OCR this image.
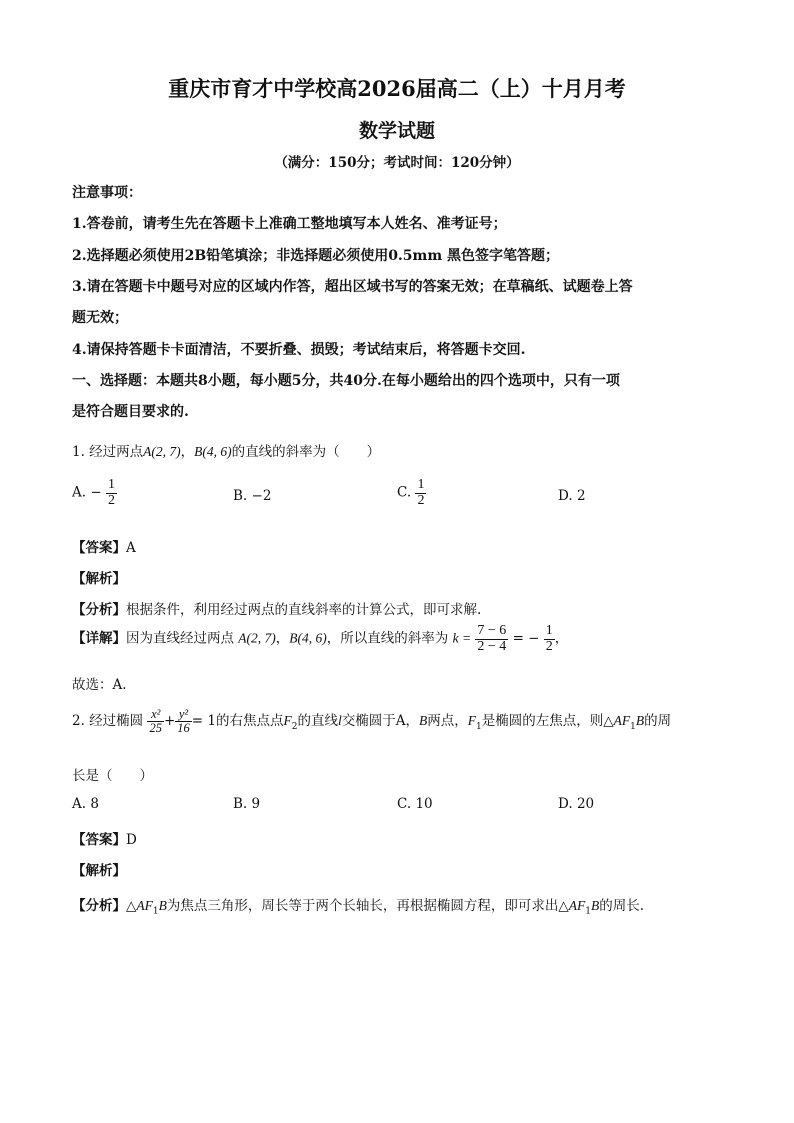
重庆市育才中学校高2026届高二（上）十月月考
数学试题
（满分：150分；考试时间：120分钟）
注意事项：
1.答卷前，请考生先在答题卡上准确工整地填写本人姓名、准考证号；
2.选择题必须使用2B铅笔填涂；非选择题必须使用0.5mm 黑色签字笔答题；
3.请在答题卡中题号对应的区域内作答，超出区域书写的答案无效；在草稿纸、试题卷上答
题无效；
4.请保持答题卡卡面清洁，不要折叠、损毁；考试结束后，将答题卡交回.
一、选择题：本题共8小题，每小题5分，共40分.在每小题给出的四个选项中，只有一项
是符合题目要求的.
1. 经过两点A(2, 7)，B(4, 6)的直线的斜率为（　　）
A. − $\frac{1}{2}$	B. −2	C. $\frac{1}{2}$	D. 2
【答案】A
【解析】
【分析】根据条件，利用经过两点的直线斜率的计算公式，即可求解.
【详解】因为直线经过两点 A(2, 7)，B(4, 6)，所以直线的斜率为 $k = \frac{7 - 6}{2 - 4}$ = − $\frac{1}{2}$ ，
故选：A.
2. 经过椭圆 $\frac{\text{x²}}{25} + \frac{\text{y²}}{16} = 1$的右焦点点$F_2$的直线l交椭圆于A，B两点，$F_1$是椭圆的左焦点，则$\triangle AF_1B$的周
长是（　　）
A. 8	B. 9	C. 10	D. 20
【答案】D
【解析】
【分析】$\triangle AF_1B$为焦点三角形，周长等于两个长轴长，再根据椭圆方程，即可求出$\triangle AF_1B$的周长.
